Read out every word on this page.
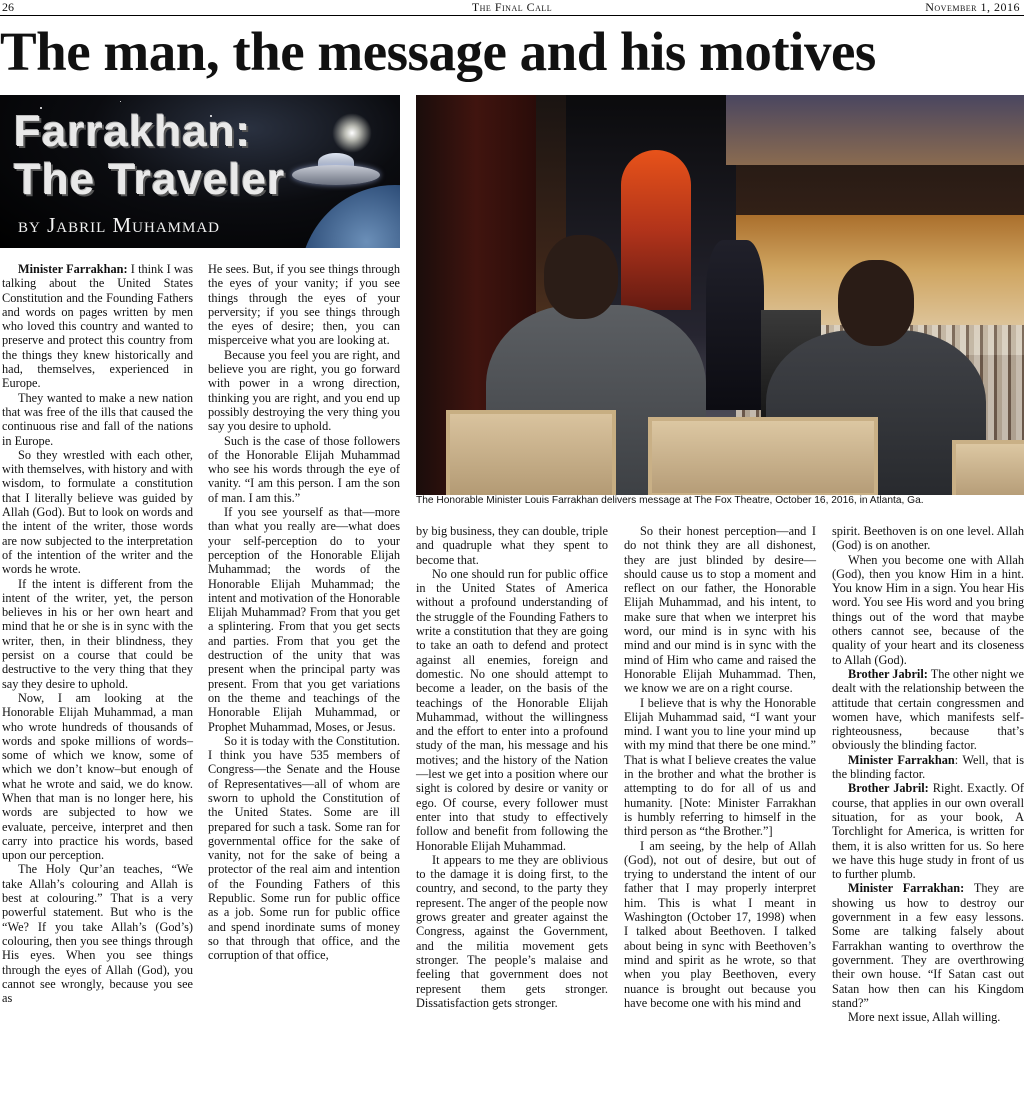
26	The Final Call	November 1, 2016
The man, the message and his motives
Farrakhan:
The Traveler
by Jabril Muhammad
The Honorable Minister Louis Farrakhan delivers message at The Fox Theatre, October 16, 2016, in Atlanta, Ga.

Minister Farrakhan: I think I was talking about the United States Constitution and the Founding Fathers and words on pages written by men who loved this country and wanted to preserve and protect this country from the things they knew historically and had, themselves, experienced in Europe.

They wanted to make a new nation that was free of the ills that caused the continuous rise and fall of the nations in Europe.

So they wrestled with each other, with themselves, with history and with wisdom, to formulate a constitution that I literally believe was guided by Allah (God). But to look on words and the intent of the writer, those words are now subjected to the interpretation of the intention of the writer and the words he wrote.

If the intent is different from the intent of the writer, yet, the person believes in his or her own heart and mind that he or she is in sync with the writer, then, in their blindness, they persist on a course that could be destructive to the very thing that they say they desire to uphold.

Now, I am looking at the Honorable Elijah Muhammad, a man who wrote hundreds of thousands of words and spoke millions of words–some of which we know, some of which we don’t know–but enough of what he wrote and said, we do know. When that man is no longer here, his words are subjected to how we evaluate, perceive, interpret and then carry into practice his words, based upon our perception.

The Holy Qur’an teaches, “We take Allah’s colouring and Allah is best at colouring.” That is a very powerful statement. But who is the “We? If you take Allah’s (God’s) colouring, then you see things through His eyes. When you see things through the eyes of Allah (God), you cannot see wrongly, because you see as

He sees. But, if you see things through the eyes of your vanity; if you see things through the eyes of your perversity; if you see things through the eyes of desire; then, you can misperceive what you are looking at.

Because you feel you are right, and believe you are right, you go forward with power in a wrong direction, thinking you are right, and you end up possibly destroying the very thing you say you desire to uphold.

Such is the case of those followers of the Honorable Elijah Muhammad who see his words through the eye of vanity. “I am this person. I am the son of man. I am this.”

If you see yourself as that—more than what you really are—what does your self-perception do to your perception of the Honorable Elijah Muhammad; the words of the Honorable Elijah Muhammad; the intent and motivation of the Honorable Elijah Muhammad? From that you get a splintering. From that you get sects and parties. From that you get the destruction of the unity that was present when the principal party was present. From that you get variations on the theme and teachings of the Honorable Elijah Muhammad, or Prophet Muhammad, Moses, or Jesus.

So it is today with the Constitution. I think you have 535 members of Congress—the Senate and the House of Representatives—all of whom are sworn to uphold the Constitution of the United States. Some are ill prepared for such a task. Some ran for governmental office for the sake of vanity, not for the sake of being a protector of the real aim and intention of the Founding Fathers of this Republic. Some run for public office as a job. Some run for public office and spend inordinate sums of money so that through that office, and the corruption of that office,

by big business, they can double, triple and quadruple what they spent to become that.

No one should run for public office in the United States of America without a profound understanding of the struggle of the Founding Fathers to write a constitution that they are going to take an oath to defend and protect against all enemies, foreign and domestic. No one should attempt to become a leader, on the basis of the teachings of the Honorable Elijah Muhammad, without the willingness and the effort to enter into a profound study of the man, his message and his motives; and the history of the Nation—lest we get into a position where our sight is colored by desire or vanity or ego. Of course, every follower must enter into that study to effectively follow and benefit from following the Honorable Elijah Muhammad.

It appears to me they are oblivious to the damage it is doing first, to the country, and second, to the party they represent. The anger of the people now grows greater and greater against the Congress, against the Government, and the militia movement gets stronger. The people’s malaise and feeling that government does not represent them gets stronger. Dissatisfaction gets stronger.

So their honest perception—and I do not think they are all dishonest, they are just blinded by desire—should cause us to stop a moment and reflect on our father, the Honorable Elijah Muhammad, and his intent, to make sure that when we interpret his word, our mind is in sync with his mind and our mind is in sync with the mind of Him who came and raised the Honorable Elijah Muhammad. Then, we know we are on a right course.

I believe that is why the Honorable Elijah Muhammad said, “I want your mind. I want you to line your mind up with my mind that there be one mind.” That is what I believe creates the value in the brother and what the brother is attempting to do for all of us and humanity. [Note: Minister Farrakhan is humbly referring to himself in the third person as “the Brother.”]

I am seeing, by the help of Allah (God), not out of desire, but out of trying to understand the intent of our father that I may properly interpret him. This is what I meant in Washington (October 17, 1998) when I talked about Beethoven. I talked about being in sync with Beethoven’s mind and spirit as he wrote, so that when you play Beethoven, every nuance is brought out because you have become one with his mind and

spirit. Beethoven is on one level. Allah (God) is on another.

When you become one with Allah (God), then you know Him in a hint. You know Him in a sign. You hear His word. You see His word and you bring things out of the word that maybe others cannot see, because of the quality of your heart and its closeness to Allah (God).

Brother Jabril: The other night we dealt with the relationship between the attitude that certain congressmen and women have, which manifests self-righteousness, because that’s obviously the blinding factor.

Minister Farrakhan: Well, that is the blinding factor.

Brother Jabril: Right. Exactly. Of course, that applies in our own overall situation, for as your book, A Torchlight for America, is written for them, it is also written for us. So here we have this huge study in front of us to further plumb.

Minister Farrakhan: They are showing us how to destroy our government in a few easy lessons. Some are talking falsely about Farrakhan wanting to overthrow the government. They are overthrowing their own house. “If Satan cast out Satan how then can his Kingdom stand?”

More next issue, Allah willing.
